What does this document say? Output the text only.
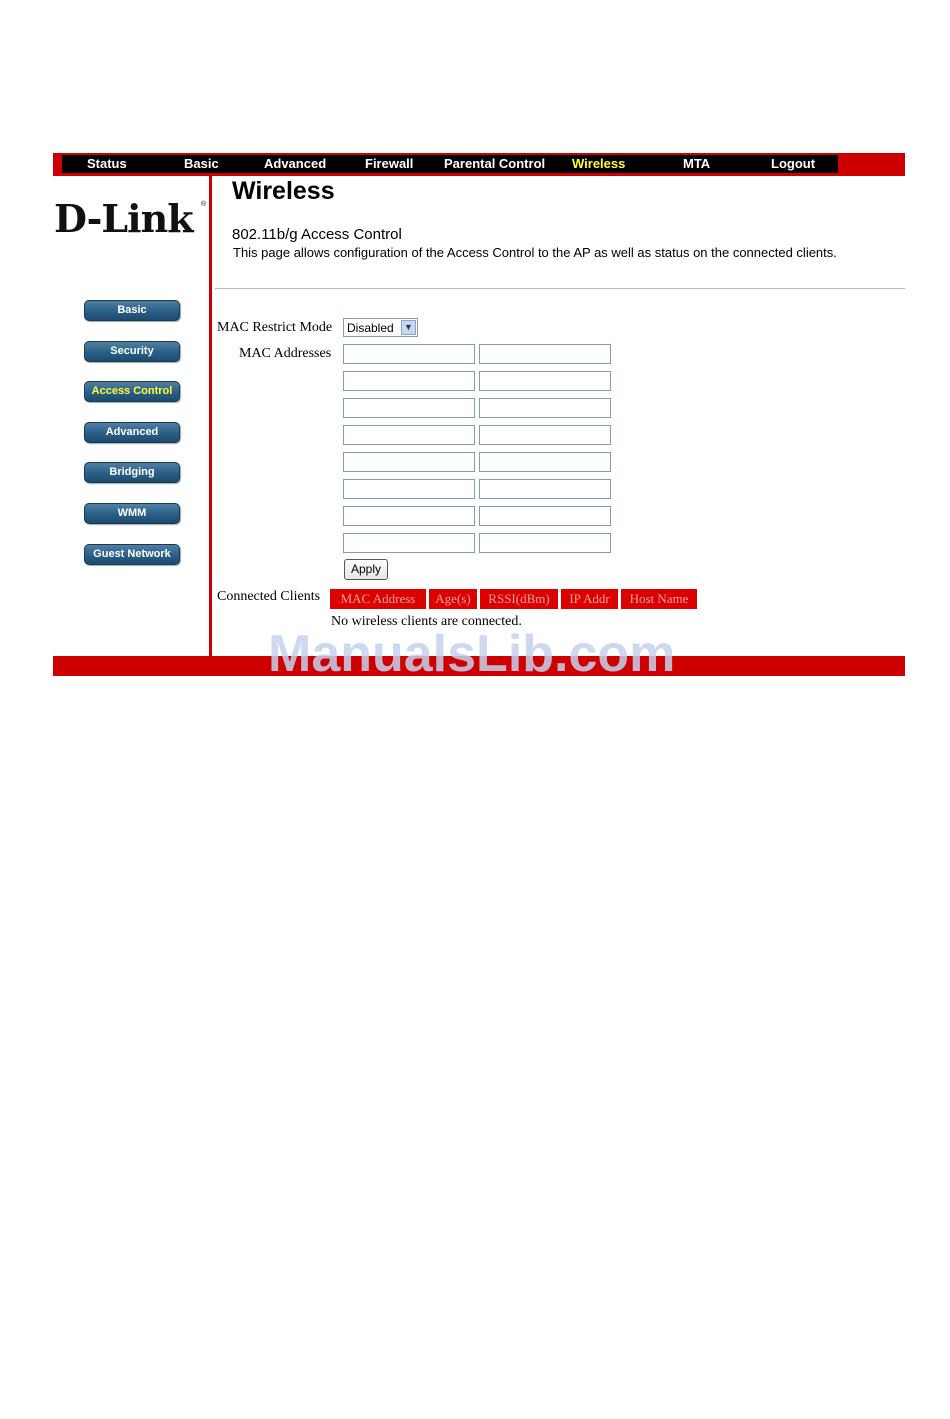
Status	Basic	Advanced	Firewall Parental Control Wireless	MTA	Logout
D-Link ®
Basic
Security
Access Control
Advanced
Bridging
WMM
Guest Network
Wireless
802.11b/g Access Control
This page allows configuration of the Access Control to the AP as well as status on the connected clients.
MAC Restrict Mode Disabled	▼
MAC Addresses
Apply
Connected Clients	MAC Address	Age(s)	RSSI(dBm)	IP Addr	Host Name
No wireless clients are connected.
ManualsLib.com
